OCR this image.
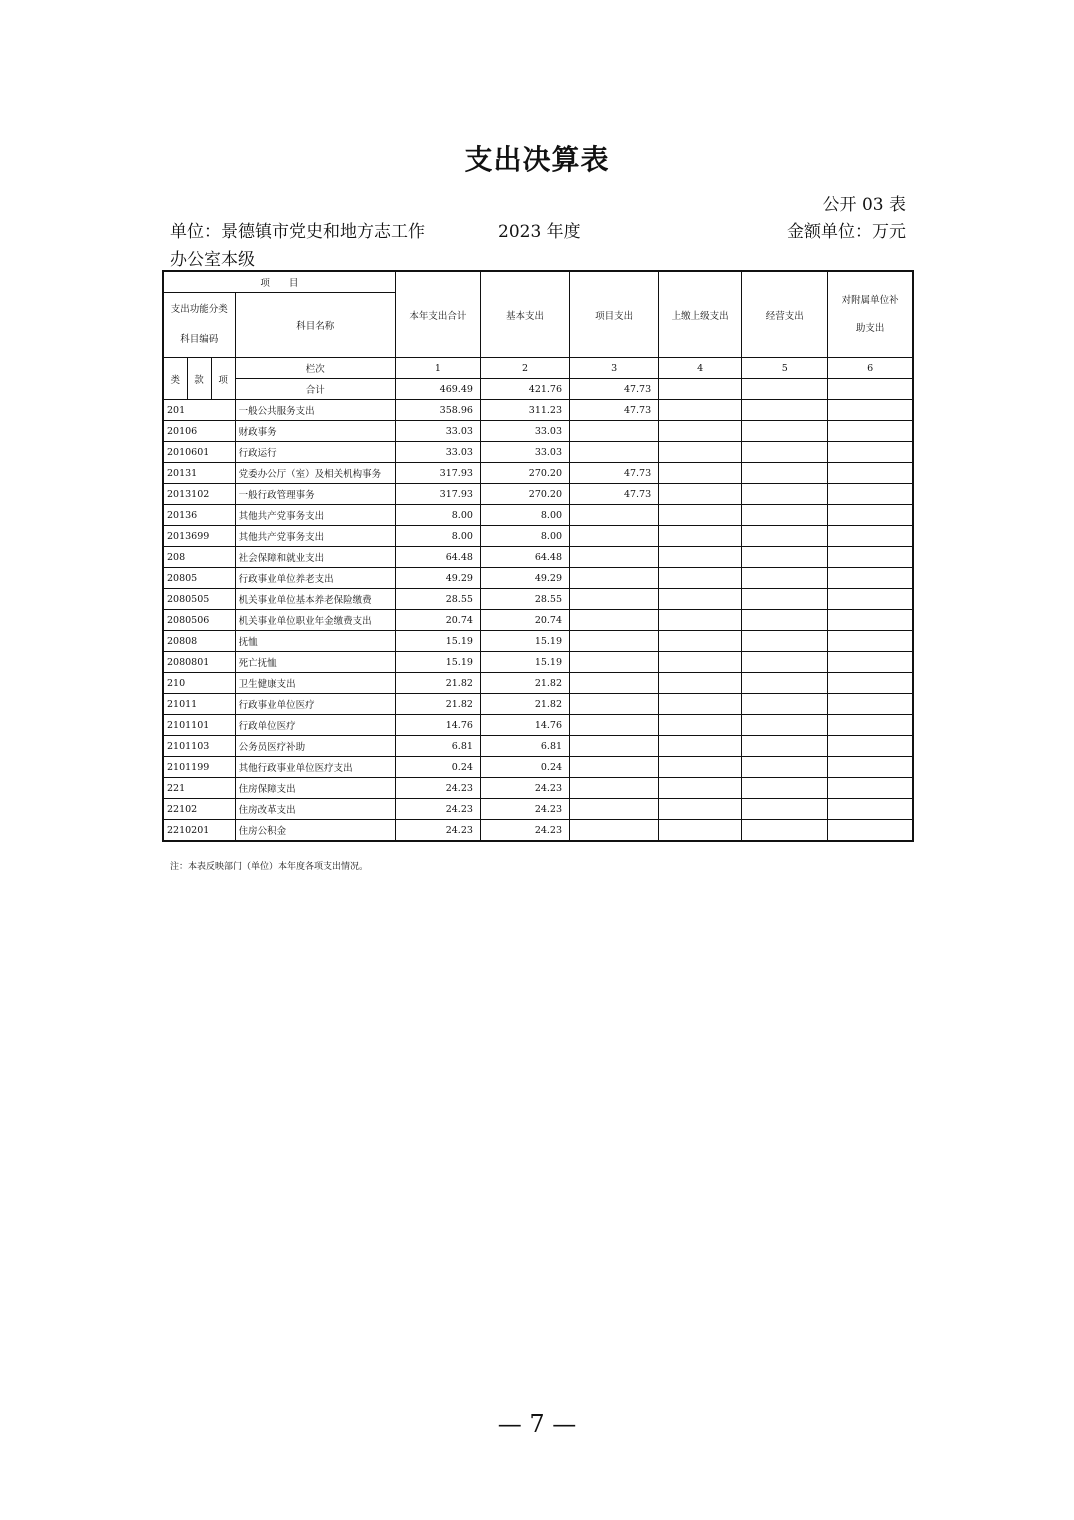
支出决算表
公开 03 表
单位：景德镇市党史和地方志工作办公室本级
2023 年度	金额单位：万元
项　　目				本年支出合计	基本支出	项目支出	上缴上级支出	经营支出	对附属单位补助支出
支出功能分类科目编码			科目名称						
类	款	项	栏次	1	2	3	4	5	6
			合计	469.49	421.76	47.73			
201			一般公共服务支出	358.96	311.23	47.73			
20106			财政事务	33.03	33.03				
2010601			行政运行	33.03	33.03				
20131			党委办公厅（室）及相关机构事务	317.93	270.20	47.73			
2013102			一般行政管理事务	317.93	270.20	47.73			
20136			其他共产党事务支出	8.00	8.00				
2013699			其他共产党事务支出	8.00	8.00				
208			社会保障和就业支出	64.48	64.48				
20805			行政事业单位养老支出	49.29	49.29				
2080505			机关事业单位基本养老保险缴费	28.55	28.55				
2080506			机关事业单位职业年金缴费支出	20.74	20.74				
20808			抚恤	15.19	15.19				
2080801			死亡抚恤	15.19	15.19				
210			卫生健康支出	21.82	21.82				
21011			行政事业单位医疗	21.82	21.82				
2101101			行政单位医疗	14.76	14.76				
2101103			公务员医疗补助	6.81	6.81				
2101199			其他行政事业单位医疗支出	0.24	0.24				
221			住房保障支出	24.23	24.23				
22102			住房改革支出	24.23	24.23				
2210201			住房公积金	24.23	24.23				
注：本表反映部门（单位）本年度各项支出情况。
— 7 —
